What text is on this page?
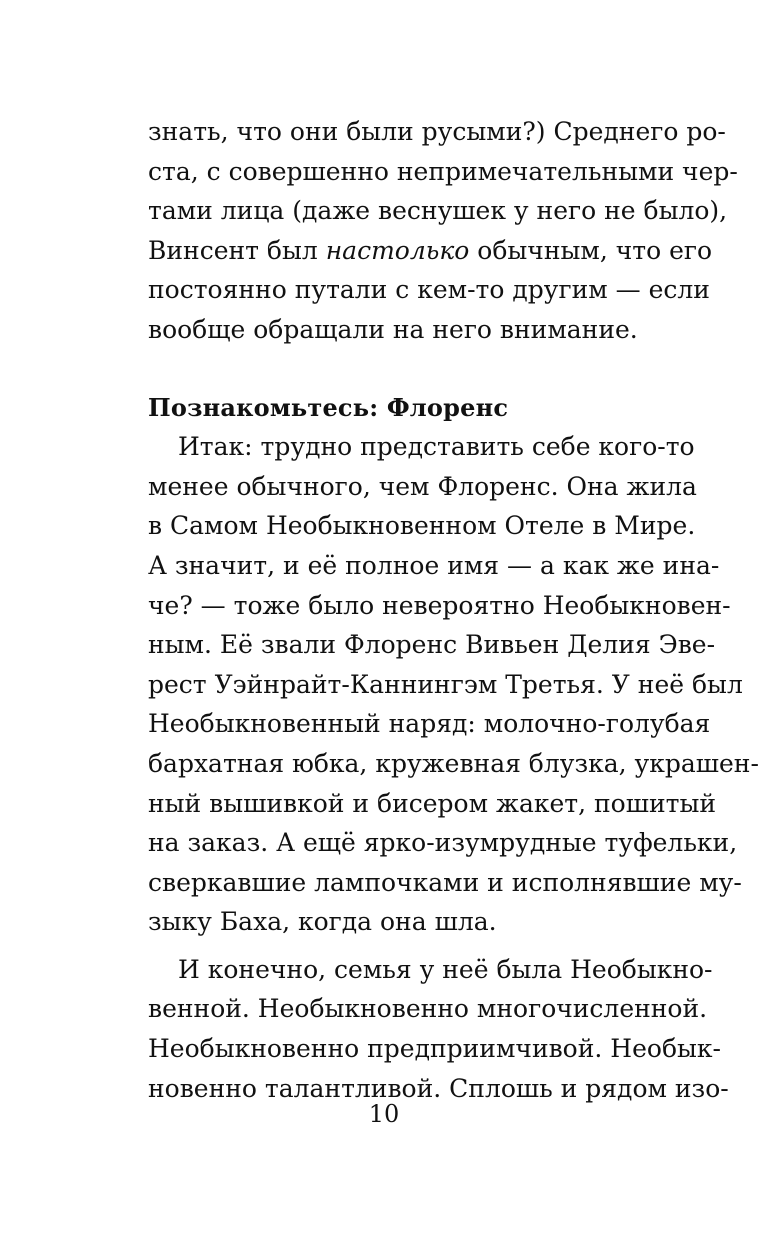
знать, что они были русыми?) Среднего ро-
ста, с совершенно непримечательными чер-
тами лица (даже веснушек у него не было),
Винсент был настолько обычным, что его
постоянно путали с кем-то другим — если
вообще обращали на него внимание.
Познакомьтесь: Флоренс
Итак: трудно представить себе кого-то
менее обычного, чем Флоренс. Она жила
в Самом Необыкновенном Отеле в Мире.
А значит, и её полное имя — а как же ина-
че? — тоже было невероятно Необыкновен-
ным. Её звали Флоренс Вивьен Делия Эве-
рест Уэйнрайт-Каннингэм Третья. У неё был
Необыкновенный наряд: молочно-голубая
бархатная юбка, кружевная блузка, украшен-
ный вышивкой и бисером жакет, пошитый
на заказ. А ещё ярко-изумрудные туфельки,
сверкавшие лампочками и исполнявшие му-
зыку Баха, когда она шла.
И конечно, семья у неё была Необыкно-
венной. Необыкновенно многочисленной.
Необыкновенно предприимчивой. Необык-
новенно талантливой. Сплошь и рядом изо-
10
